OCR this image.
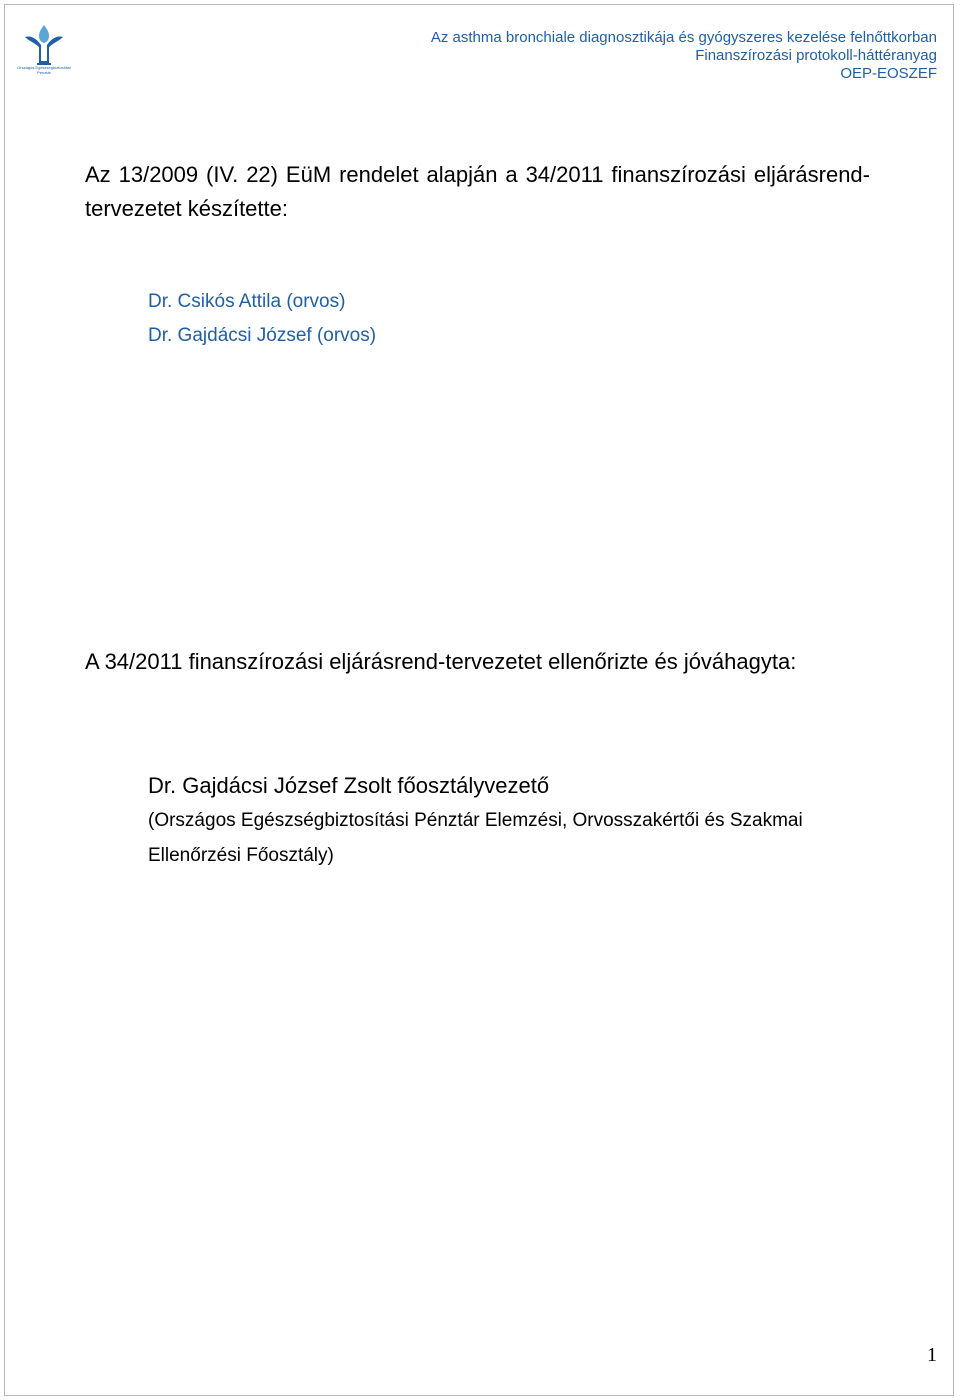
Országos Egészségbiztosítási
Pénztár
Az asthma bronchiale diagnosztikája és gyógyszeres kezelése felnőttkorban
Finanszírozási protokoll-háttéranyag
OEP-EOSZEF
Az 13/2009 (IV. 22) EüM rendelet alapján a 34/2011 finanszírozási eljárásrend-tervezetet készítette:
Dr. Csikós Attila (orvos)
Dr. Gajdácsi József (orvos)
A 34/2011 finanszírozási eljárásrend-tervezetet ellenőrizte és jóváhagyta:
Dr. Gajdácsi József Zsolt főosztályvezető
(Országos Egészségbiztosítási Pénztár Elemzési, Orvosszakértői és Szakmai Ellenőrzési Főosztály)
1
